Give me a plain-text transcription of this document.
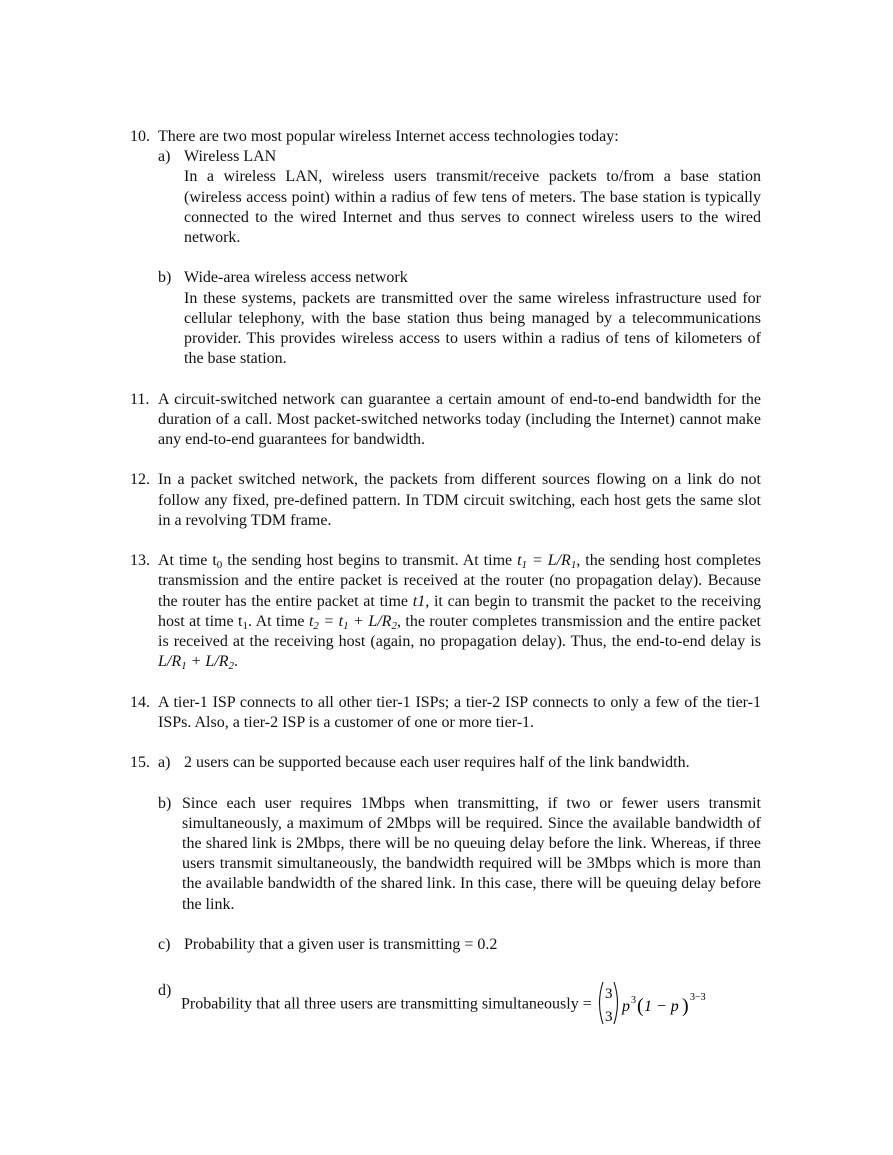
10. There are two most popular wireless Internet access technologies today:
a) Wireless LAN
In a wireless LAN, wireless users transmit/receive packets to/from a base station (wireless access point) within a radius of few tens of meters. The base station is typically connected to the wired Internet and thus serves to connect wireless users to the wired network.
b) Wide-area wireless access network
In these systems, packets are transmitted over the same wireless infrastructure used for cellular telephony, with the base station thus being managed by a telecommunications provider. This provides wireless access to users within a radius of tens of kilometers of the base station.
11. A circuit-switched network can guarantee a certain amount of end-to-end bandwidth for the duration of a call. Most packet-switched networks today (including the Internet) cannot make any end-to-end guarantees for bandwidth.
12. In a packet switched network, the packets from different sources flowing on a link do not follow any fixed, pre-defined pattern. In TDM circuit switching, each host gets the same slot in a revolving TDM frame.
13. At time $t_0$ the sending host begins to transmit. At time $t_1 = L/R_1$, the sending host completes transmission and the entire packet is received at the router (no propagation delay). Because the router has the entire packet at time t1, it can begin to transmit the packet to the receiving host at time $t_1$. At time $t_2 = t_1 + L/R_2$, the router completes transmission and the entire packet is received at the receiving host (again, no propagation delay). Thus, the end-to-end delay is $L/R_1 + L/R_2$.
14. A tier-1 ISP connects to all other tier-1 ISPs; a tier-2 ISP connects to only a few of the tier-1 ISPs. Also, a tier-2 ISP is a customer of one or more tier-1.
15. a) 2 users can be supported because each user requires half of the link bandwidth.
b) Since each user requires 1Mbps when transmitting, if two or fewer users transmit simultaneously, a maximum of 2Mbps will be required. Since the available bandwidth of the shared link is 2Mbps, there will be no queuing delay before the link. Whereas, if three users transmit simultaneously, the bandwidth required will be 3Mbps which is more than the available bandwidth of the shared link. In this case, there will be queuing delay before the link.
c) Probability that a given user is transmitting = 0.2
d)
Probability that all three users are transmitting simultaneously =
3
3
p 3 ( 1 − p ) 3−3
